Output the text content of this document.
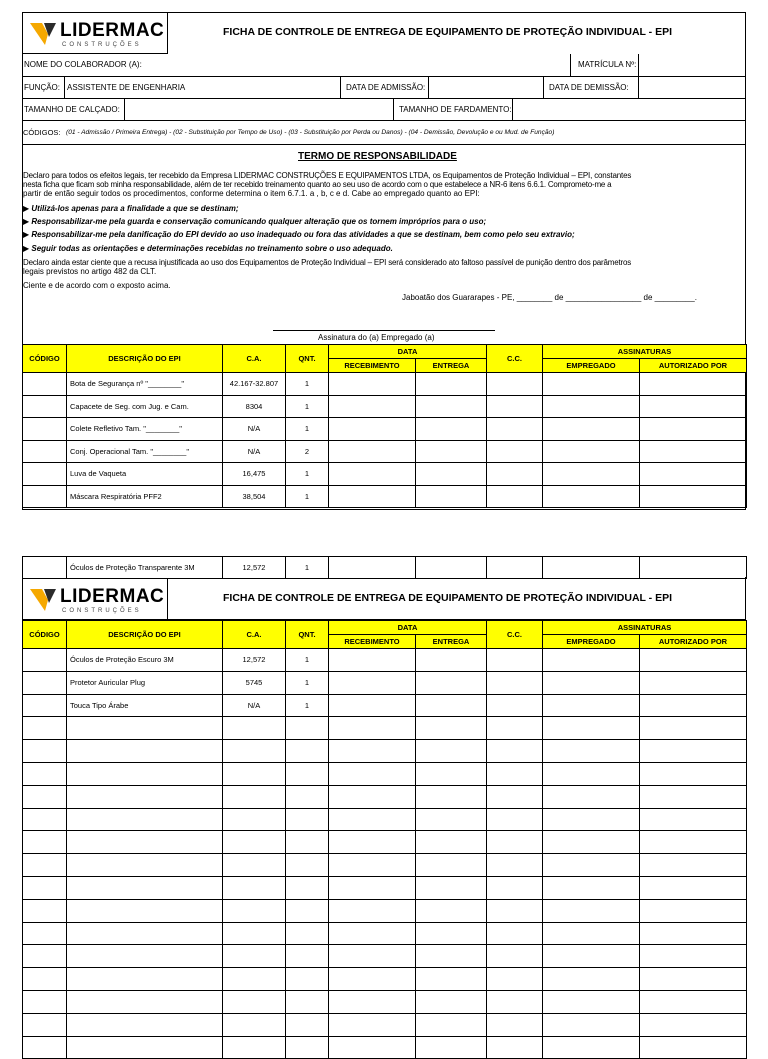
LIDERMAC
CONSTRUÇÕES
FICHA DE CONTROLE DE ENTREGA DE EQUIPAMENTO DE PROTEÇÃO INDIVIDUAL - EPI
NOME DO COLABORADOR (A):	MATRÍCULA Nº:
FUNÇÃO: ASSISTENTE DE ENGENHARIA	DATA DE ADMISSÃO:	DATA DE DEMISSÃO:
TAMANHO DE CALÇADO:	TAMANHO DE FARDAMENTO:
CÓDIGOS: (01 - Admissão / Primeira Entrega) - (02 - Substituição por Tempo de Uso) - (03 - Substituição por Perda ou Danos) - (04 - Demissão, Devolução e ou Mud. de Função)
TERMO DE RESPONSABILIDADE
Declaro para todos os efeitos legais, ter recebido da Empresa LIDERMAC CONSTRUÇÕES E EQUIPAMENTOS LTDA, os Equipamentos de Proteção Individual – EPI, constantes
nesta ficha que ficam sob minha responsabilidade, além de ter recebido treinamento quanto ao seu uso de acordo com o que estabelece a NR-6 itens 6.6.1. Comprometo-me a
partir de então seguir todos os procedimentos, conforme determina o item 6.7.1. a , b, c e d. Cabe ao empregado quanto ao EPI:
▶ Utilizá-los apenas para a finalidade a que se destinam;
▶ Responsabilizar-me pela guarda e conservação comunicando qualquer alteração que os tornem impróprios para o uso;
▶ Responsabilizar-me pela danificação do EPI devido ao uso inadequado ou fora das atividades a que se destinam, bem como pelo seu extravio;
▶ Seguir todas as orientações e determinações recebidas no treinamento sobre o uso adequado.
Declaro ainda estar ciente que a recusa injustificada ao uso dos Equipamentos de Proteção Individual – EPI será considerado ato faltoso passível de punição dentro dos parâmetros
legais previstos no artigo 482 da CLT.
Ciente e de acordo com o exposto acima.
Jaboatão dos Guararapes - PE, ________ de _________________ de _________.
Assinatura do (a) Empregado (a)
CÓDIGO	DESCRIÇÃO DO EPI	C.A.	QNT.	DATA		C.C.	ASSINATURAS	
				RECEBIMENTO	ENTREGA		EMPREGADO	AUTORIZADO POR
	Bota de Segurança nº "________"	42.167-32.807	1					
	Capacete de Seg. com Jug. e Cam.	8304	1					
	Colete Refletivo Tam. "________"	N/A	1					
	Conj. Operacional Tam. "________"	N/A	2					
	Luva de Vaqueta	16,475	1					
	Máscara Respiratória PFF2	38,504	1					
	Óculos de Proteção Transparente 3M	12,572	1					
LIDERMAC
CONSTRUÇÕES
FICHA DE CONTROLE DE ENTREGA DE EQUIPAMENTO DE PROTEÇÃO INDIVIDUAL - EPI
CÓDIGO	DESCRIÇÃO DO EPI	C.A.	QNT.	DATA		C.C.	ASSINATURAS	
				RECEBIMENTO	ENTREGA		EMPREGADO	AUTORIZADO POR
	Óculos de Proteção Escuro 3M	12,572	1					
	Protetor Auricular Plug	5745	1					
	Touca Tipo Árabe	N/A	1					
